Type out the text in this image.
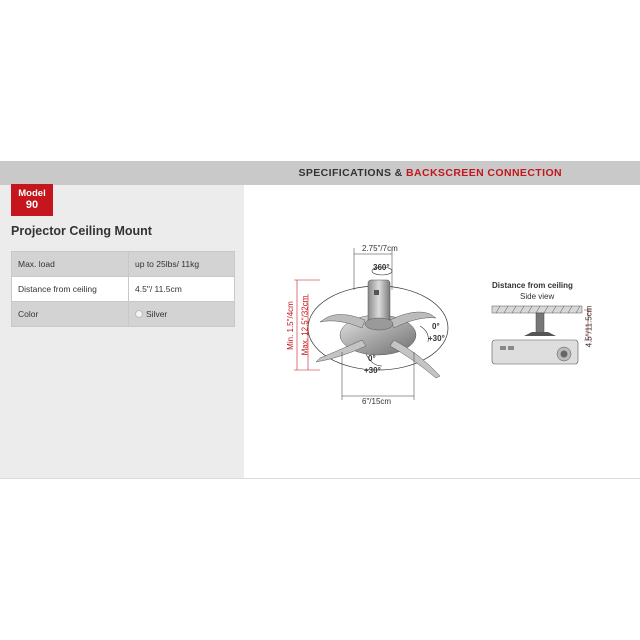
SPECIFICATIONS & BACKSCREEN CONNECTION
Model
90
Projector Ceiling Mount
Max. load	up to 25lbs/ 11kg
Distance from ceiling	4.5"/ 11.5cm
Color	Silver
2.75"/7cm
360°
0°
+30°
0°
+30°
6"/15cm
Min. 1.5"/4cm Max. 12.5"/32cm
Distance from ceiling
Side view
4.5"/11.5cm
